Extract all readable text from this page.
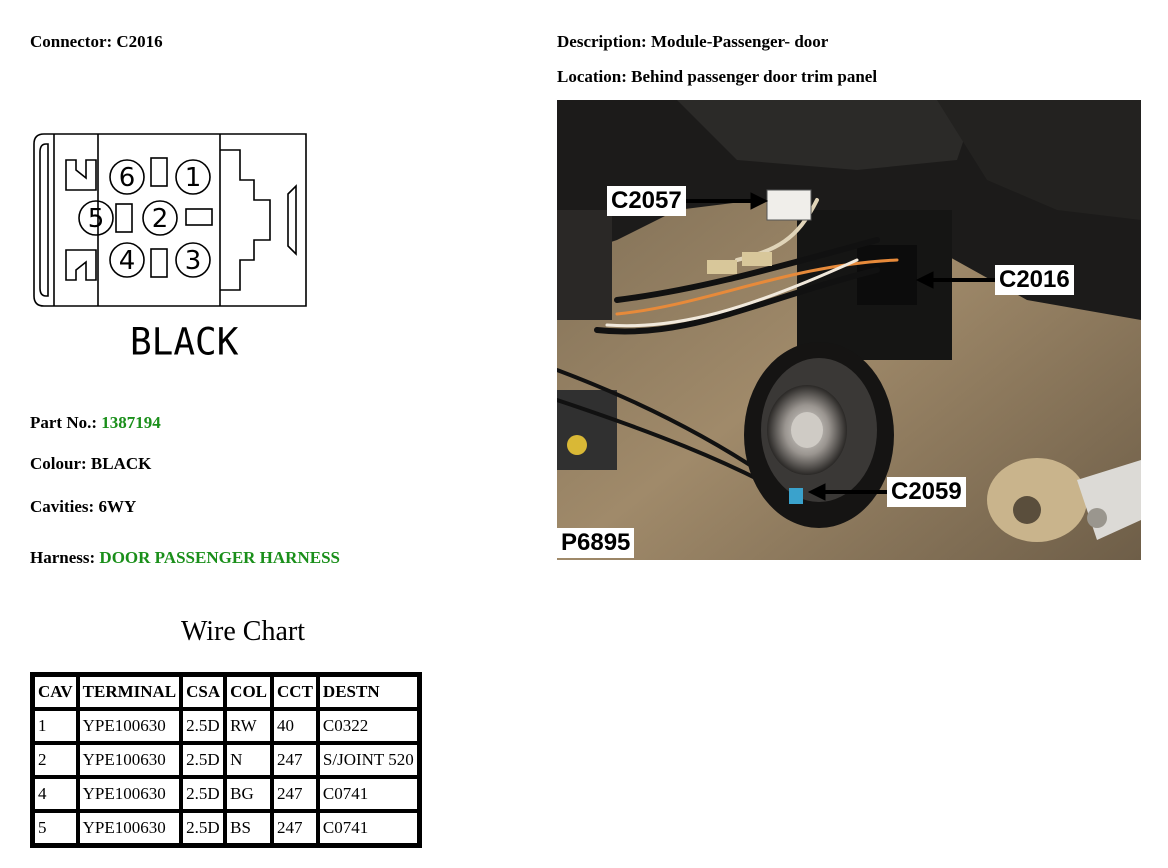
Connector: C2016	Description: Module-Passenger- door
Location: Behind passenger door trim panel
6 1
5 2
4 3
BLACK
Part No.: 1387194
Colour: BLACK
Cavities: 6WY
Harness: DOOR PASSENGER HARNESS
C2057
C2016
C2059
P6895
Wire Chart
CAV	TERMINAL	CSA	COL	CCT	DESTN
1	YPE100630	2.5D	RW	40	C0322
2	YPE100630	2.5D	N	247	S/JOINT 520
4	YPE100630	2.5D	BG	247	C0741
5	YPE100630	2.5D	BS	247	C0741
